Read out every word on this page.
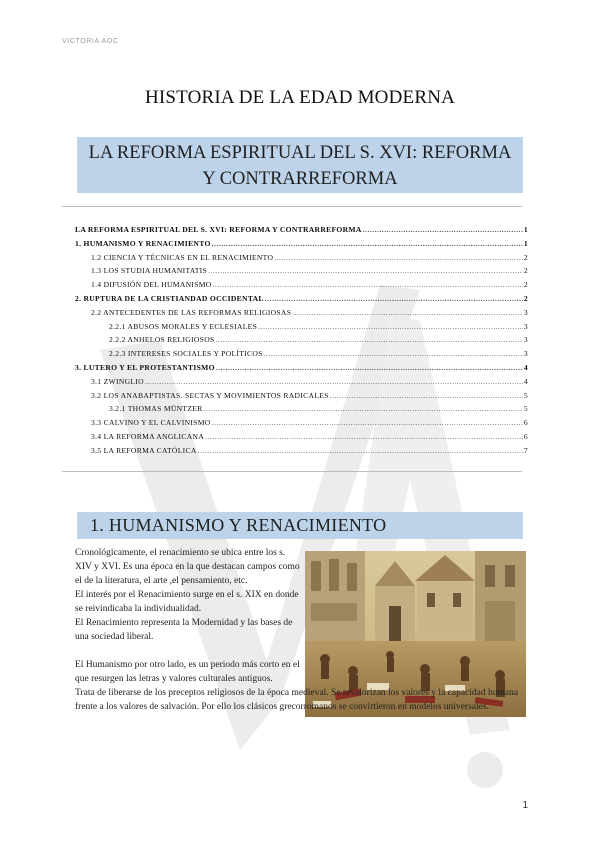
VICTORIA AOC
HISTORIA DE LA EDAD MODERNA
LA REFORMA ESPIRITUAL DEL S. XVI: REFORMA
Y CONTRARREFORMA
LA REFORMA ESPIRITUAL DEL S. XVI: REFORMA Y CONTRARREFORMA .....	1
1. HUMANISMO Y RENACIMIENTO .....	1
1.2 CIENCIA Y TÉCNICAS EN EL RENACIMIENTO .....	2
1.3 LOS STUDIA HUMANITATIS .....	2
1.4 DIFUSIÓN DEL HUMANISMO .....	2
2. RUPTURA DE LA CRISTIANDAD OCCIDENTAL .....	2
2.2 ANTECEDENTES DE LAS REFORMAS RELIGIOSAS .....	3
2.2.1 ABUSOS MORALES Y ECLESIALES .....	3
2.2.2 ANHELOS RELIGIOSOS .....	3
2.2.3 INTERESES SOCIALES Y POLÍTICOS .....	3
3. LUTERO Y EL PROTESTANTISMO .....	4
3.1 ZWINGLIO .....	4
3.2 LOS ANABAPTISTAS. SECTAS Y MOVIMIENTOS RADICALES .....	5
3.2.1 THOMAS MÜNTZER .....	5
3.3 CALVINO Y EL CALVINISMO .....	6
3.4 LA REFORMA ANGLICANA .....	6
3.5 LA REFORMA CATÓLICA .....	7
1. HUMANISMO Y RENACIMIENTO

Cronológicamente, el renacimiento se ubica entre los s. XIV y XVI. Es una época en la que destacan campos como el de la literatura, el arte ,el pensamiento, etc.

El interés por el Renacimiento surge en el s. XIX en donde se reivindicaba la individualidad.

El Renacimiento representa la Modernidad y las bases de una sociedad liberal.

El Humanismo por otro lado, es un periodo más corto en el que resurgen las letras y valores culturales antiguos.

Trata de liberarse de los preceptos religiosos de la época medieval. Se revalorizan los valores y la capacidad humana frente a los valores de salvación. Por ello los clásicos grecorromanos se convirtieron en modelos universales.

1
